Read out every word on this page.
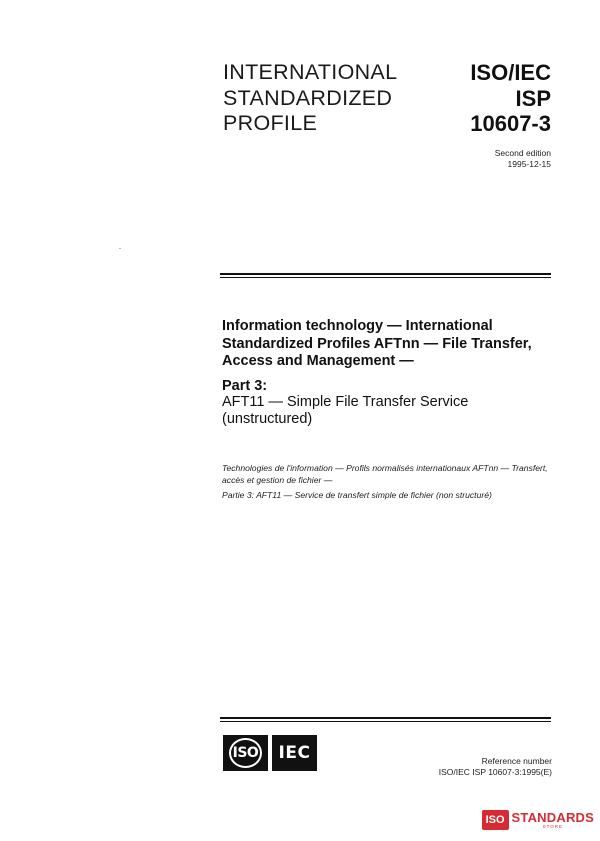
INTERNATIONAL
STANDARDIZED
PROFILE
ISO/IEC
ISP
10607-3
Second edition
1995-12-15
Information technology — International Standardized Profiles AFTnn — File Transfer, Access and Management —
Part 3:
AFT11 — Simple File Transfer Service (unstructured)
Technologies de l'information — Profils normalisés internationaux AFTnn — Transfert, accès et gestion de fichier —
Partie 3: AFT11 — Service de transfert simple de fichier (non structuré)
ISO	IEC	Reference number
ISO/IEC ISP 10607-3:1995(E)
ISO STANDARDS
STORE
